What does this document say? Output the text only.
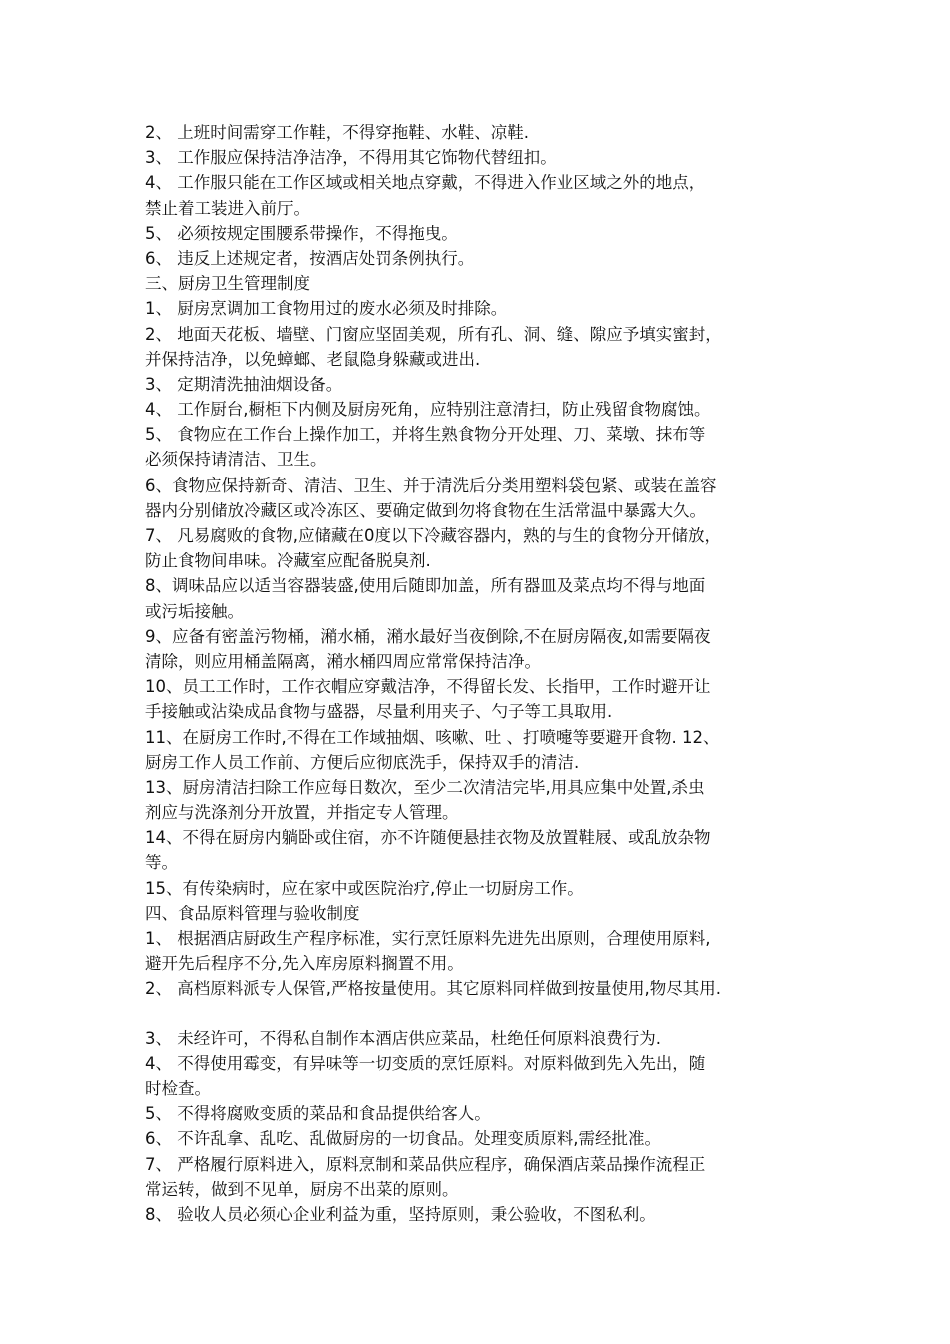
2、 上班时间需穿工作鞋，不得穿拖鞋、水鞋、凉鞋.
3、 工作服应保持洁净洁净，不得用其它饰物代替纽扣。
4、 工作服只能在工作区域或相关地点穿戴，不得进入作业区域之外的地点，
禁止着工装进入前厅。
5、 必须按规定围腰系带操作，不得拖曳。
6、 违反上述规定者，按酒店处罚条例执行。
三、厨房卫生管理制度
1、 厨房烹调加工食物用过的废水必须及时排除。
2、 地面天花板、墙壁、门窗应坚固美观，所有孔、洞、缝、隙应予填实蜜封，
并保持洁净，以免蟑螂、老鼠隐身躲藏或进出.
3、 定期清洗抽油烟设备。
4、 工作厨台,橱柜下内侧及厨房死角，应特别注意清扫，防止残留食物腐蚀。
5、 食物应在工作台上操作加工，并将生熟食物分开处理、刀、菜墩、抹布等
必须保持请清洁、卫生。
6、食物应保持新奇、清洁、卫生、并于清洗后分类用塑料袋包紧、或装在盖容
器内分别储放冷藏区或冷冻区、要确定做到勿将食物在生活常温中暴露大久。
7、 凡易腐败的食物,应储藏在0度以下冷藏容器内，熟的与生的食物分开储放，
防止食物间串味。冷藏室应配备脱臭剂.
8、调味品应以适当容器装盛,使用后随即加盖，所有器皿及菜点均不得与地面
或污垢接触。
9、应备有密盖污物桶，潲水桶，潲水最好当夜倒除,不在厨房隔夜,如需要隔夜
清除，则应用桶盖隔离，潲水桶四周应常常保持洁净。
10、员工工作时，工作衣帽应穿戴洁净，不得留长发、长指甲，工作时避开让
手接触或沾染成品食物与盛器，尽量利用夹子、勺子等工具取用.
11、在厨房工作时,不得在工作域抽烟、咳嗽、吐 、打喷嚏等要避开食物. 12、
厨房工作人员工作前、方便后应彻底洗手，保持双手的清洁.
13、厨房清洁扫除工作应每日数次，至少二次清洁完毕,用具应集中处置,杀虫
剂应与洗涤剂分开放置，并指定专人管理。
14、不得在厨房内躺卧或住宿，亦不许随便悬挂衣物及放置鞋屐、或乱放杂物
等。
15、有传染病时，应在家中或医院治疗,停止一切厨房工作。
四、食品原料管理与验收制度
1、 根据酒店厨政生产程序标准，实行烹饪原料先进先出原则，合理使用原料,
避开先后程序不分,先入库房原料搁置不用。
2、 高档原料派专人保管,严格按量使用。其它原料同样做到按量使用,物尽其用.
3、 未经许可，不得私自制作本酒店供应菜品，杜绝任何原料浪费行为.
4、 不得使用霉变，有异味等一切变质的烹饪原料。对原料做到先入先出，随
时检查。
5、 不得将腐败变质的菜品和食品提供给客人。
6、 不许乱拿、乱吃、乱做厨房的一切食品。处理变质原料,需经批准。
7、 严格履行原料进入，原料烹制和菜品供应程序，确保酒店菜品操作流程正
常运转，做到不见单，厨房不出菜的原则。
8、 验收人员必须心企业利益为重，坚持原则，秉公验收，不图私利。
